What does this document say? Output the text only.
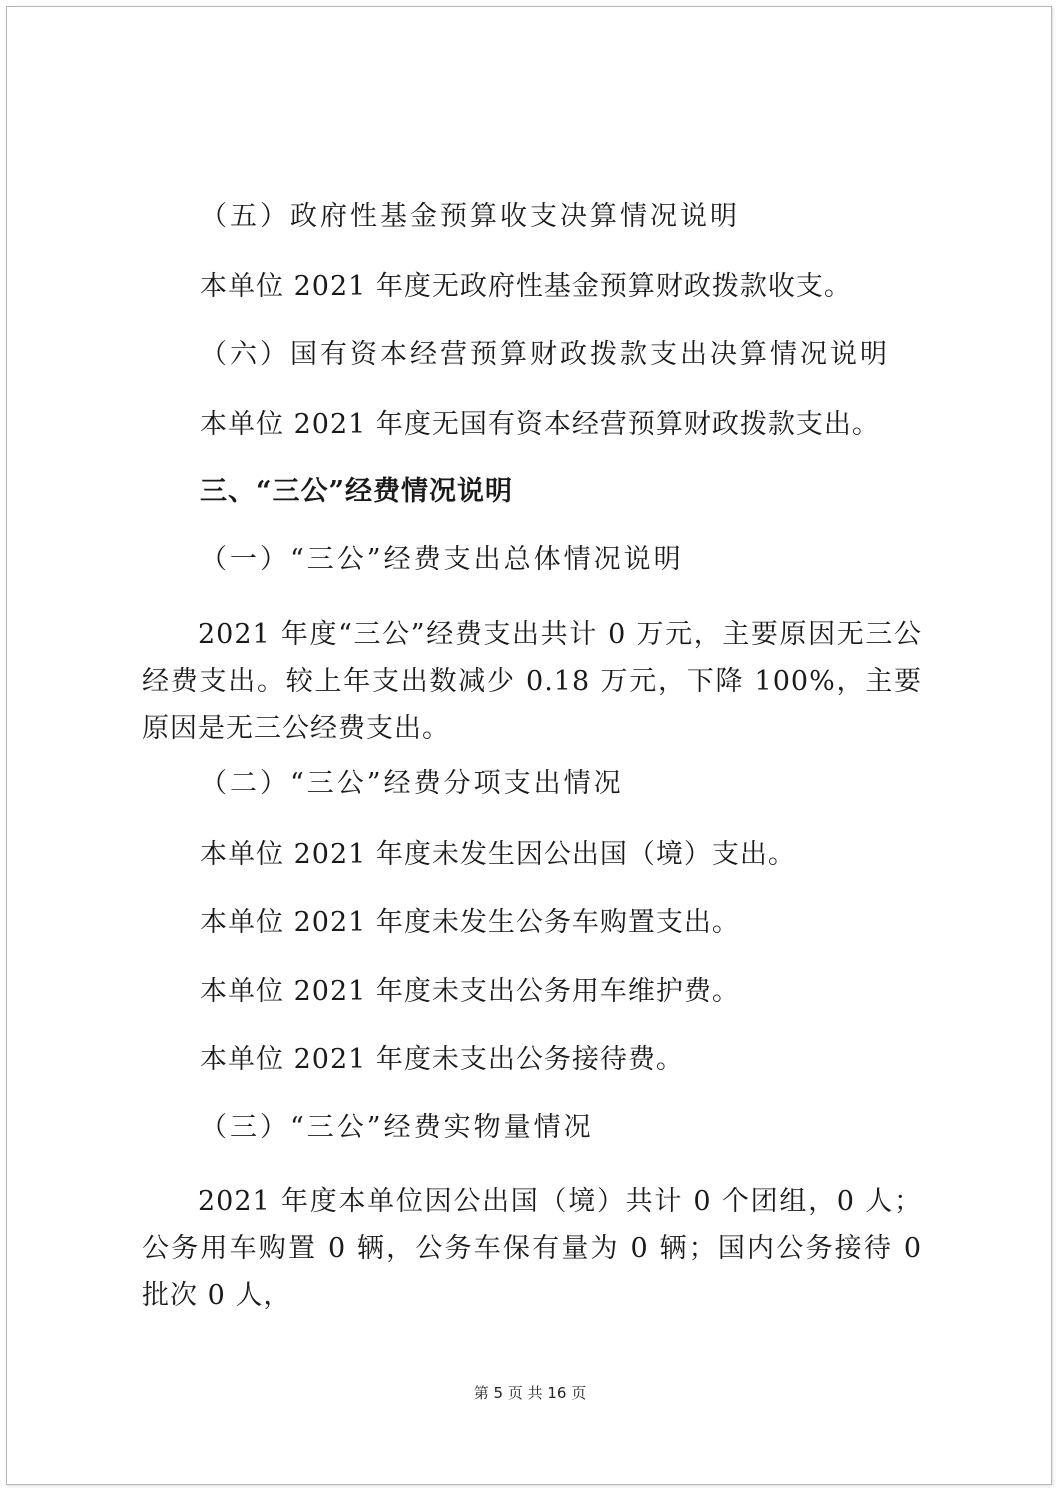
（五）政府性基金预算收支决算情况说明
本单位 2021 年度无政府性基金预算财政拨款收支。
（六）国有资本经营预算财政拨款支出决算情况说明
本单位 2021 年度无国有资本经营预算财政拨款支出。
三、“三公”经费情况说明
（一）“三公”经费支出总体情况说明
2021 年度“三公”经费支出共计 0 万元，主要原因无三公经费支出。较上年支出数减少 0.18 万元，下降 100%，主要原因是无三公经费支出。
（二）“三公”经费分项支出情况
本单位 2021 年度未发生因公出国（境）支出。
本单位 2021 年度未发生公务车购置支出。
本单位 2021 年度未支出公务用车维护费。
本单位 2021 年度未支出公务接待费。
（三）“三公”经费实物量情况
2021 年度本单位因公出国（境）共计 0 个团组，0 人；公务用车购置 0 辆，公务车保有量为 0 辆；国内公务接待 0 批次 0 人，
第 5 页 共 16 页
